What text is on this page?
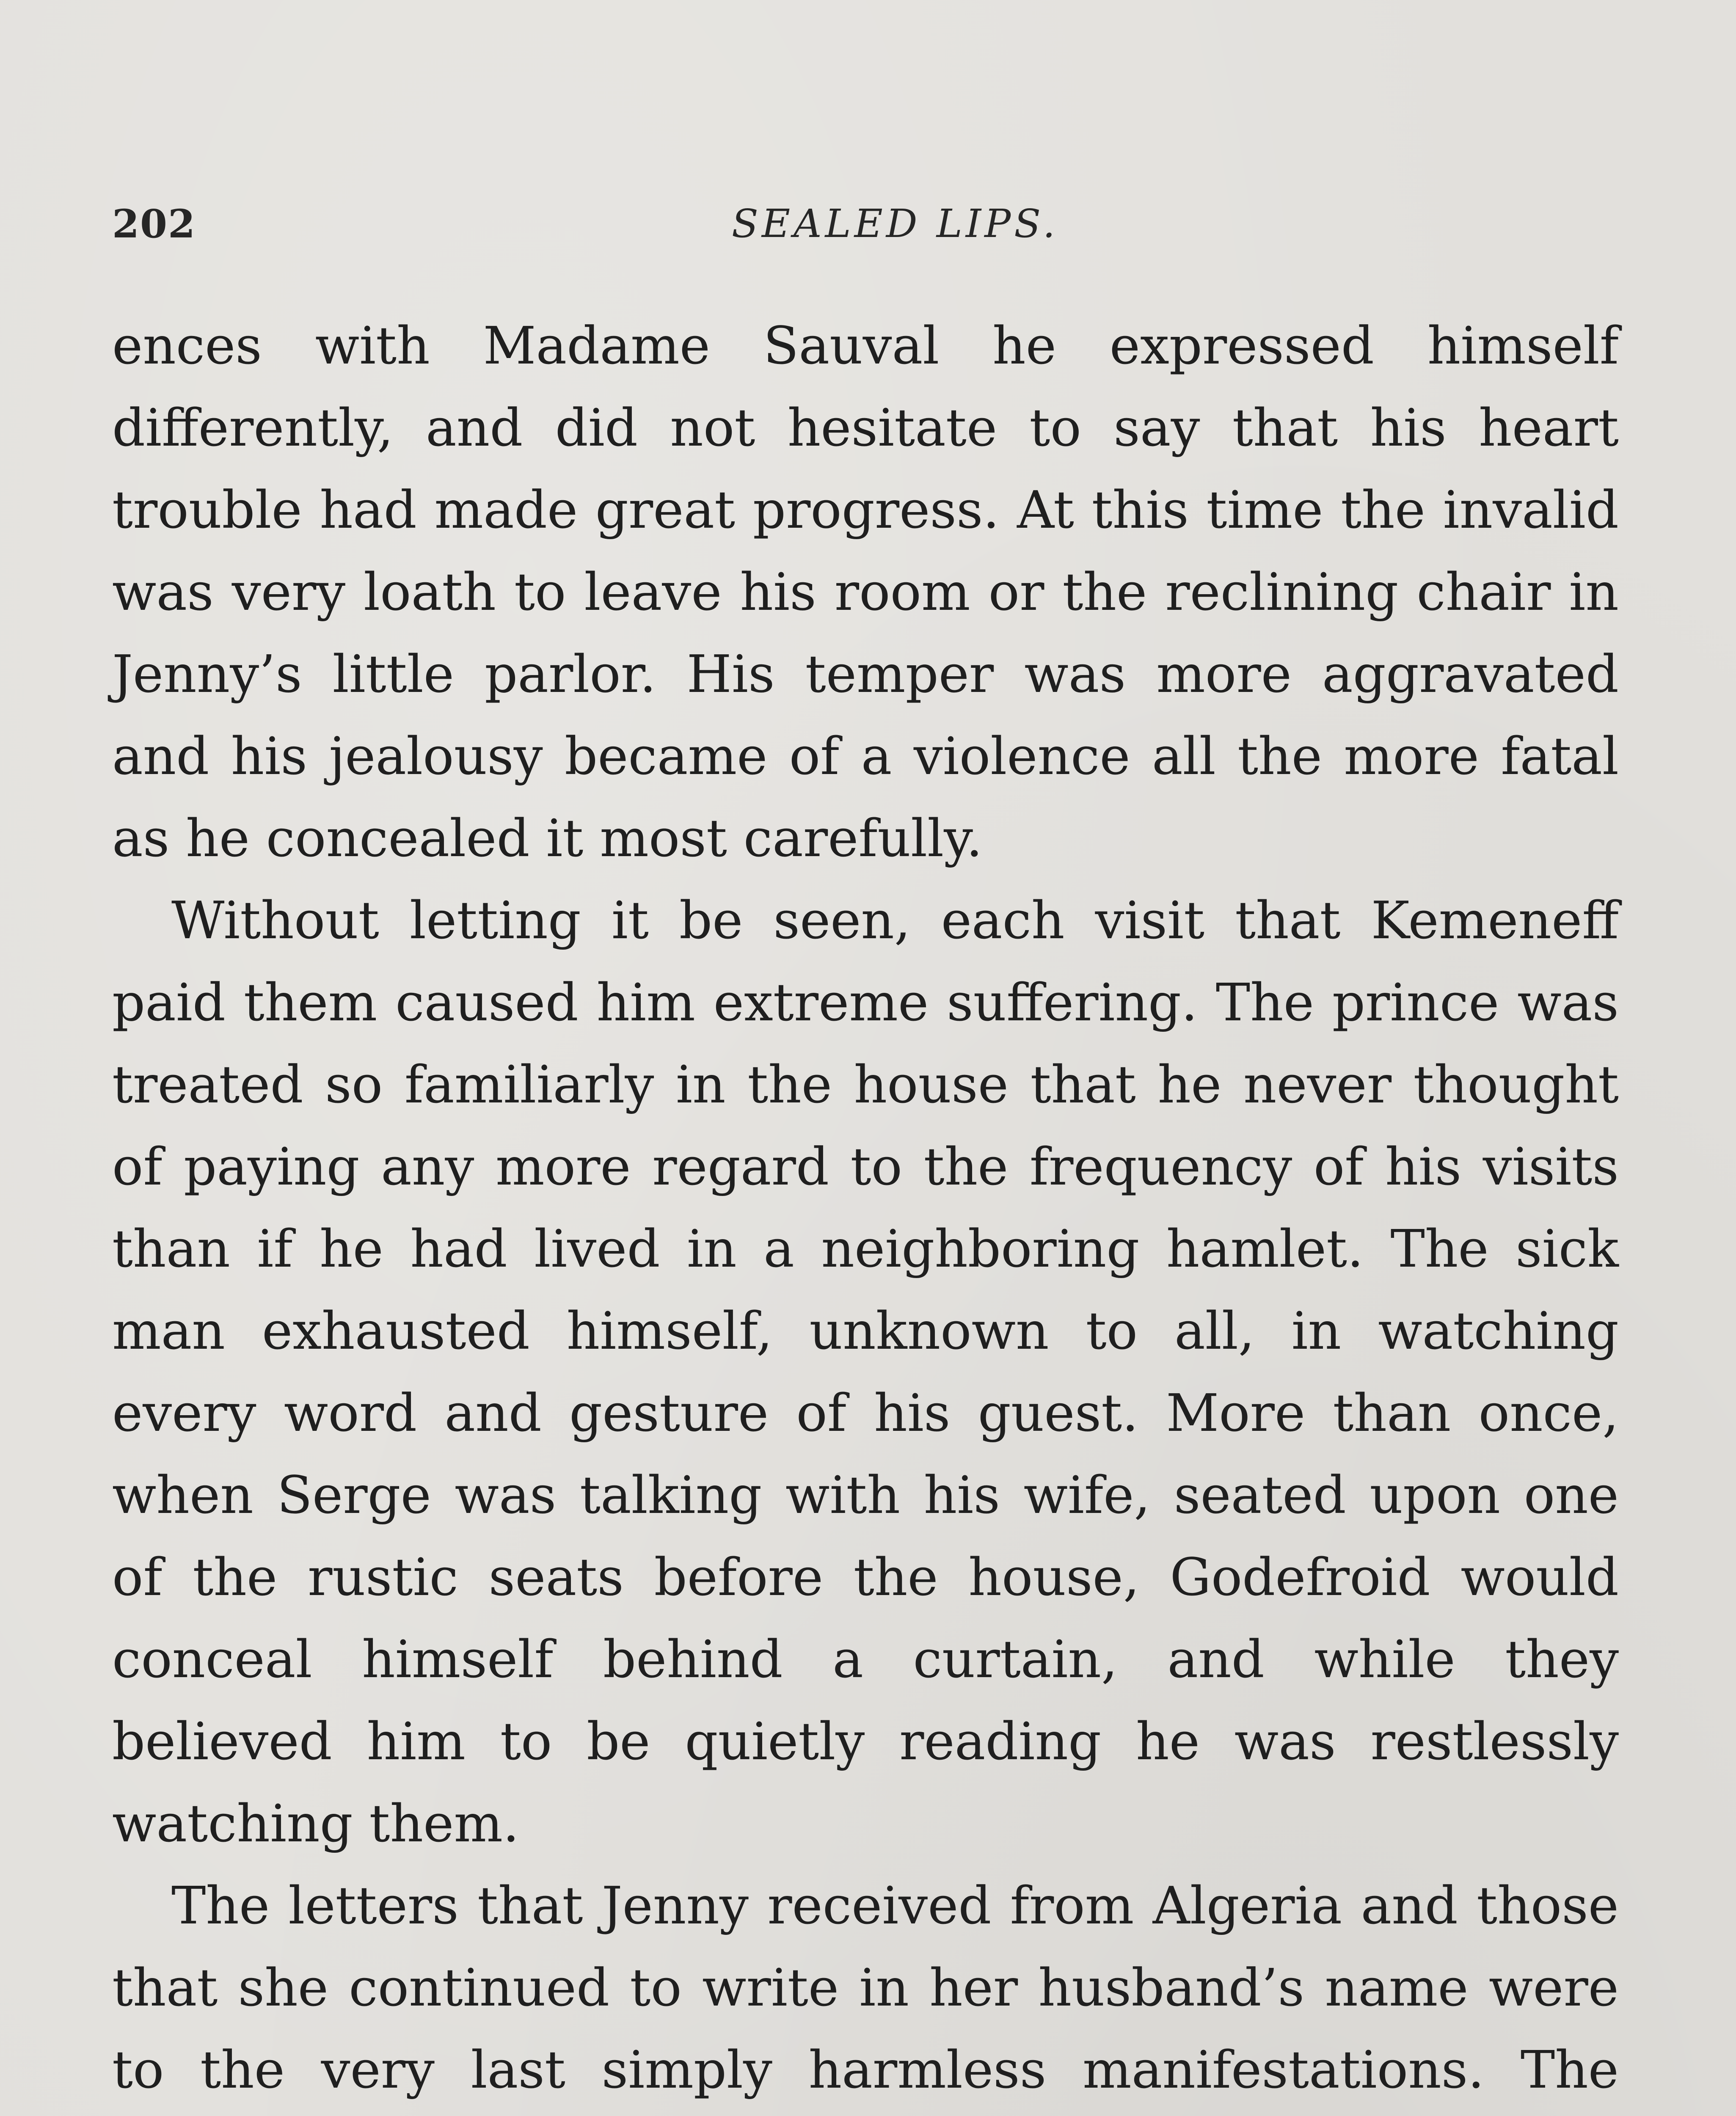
202	SEALED LIPS.

ences with Madame Sauval he expressed himself differently, and did not hesitate to say that his heart trouble had made great progress. At this time the invalid was very loath to leave his room or the reclining chair in Jenny’s little parlor. His temper was more aggravated and his jealousy became of a violence all the more fatal as he concealed it most carefully.

Without letting it be seen, each visit that Kemeneff paid them caused him extreme suffering. The prince was treated so familiarly in the house that he never thought of paying any more regard to the frequency of his visits than if he had lived in a neighboring hamlet. The sick man exhausted himself, unknown to all, in watching every word and gesture of his guest. More than once, when Serge was talking with his wife, seated upon one of the rustic seats before the house, Godefroid would conceal himself behind a curtain, and while they believed him to be quietly reading he was restlessly watching them.

The letters that Jenny received from Algeria and those that she continued to write in her husband’s name were to the very last simply harmless manifestations. The
